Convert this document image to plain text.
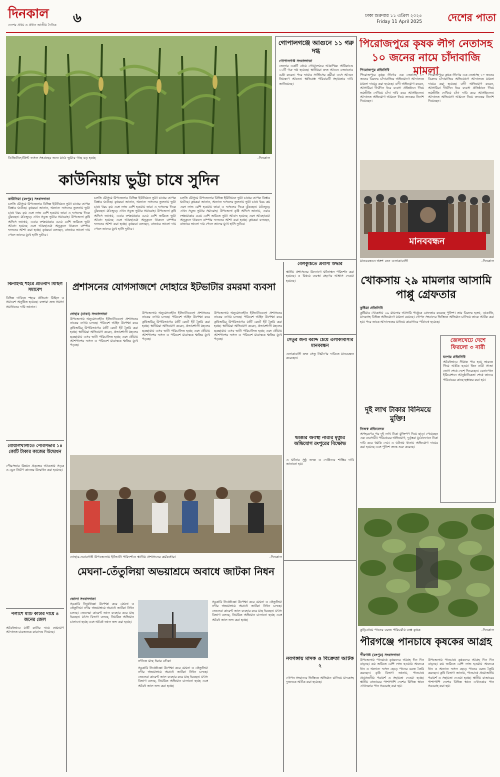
দিনকাল
দেশের প্রথম ও প্রধান জাতীয় দৈনিক	৬	ঢাকা শুক্রবার ১১ এপ্রিল ২০২৫
Friday 11 April 2025	দেশের পাতা
ডিজিটাল/প্রিন্ট ফসল সংগ্রহের জন্য মাঠে ভুট্টার গাছ বড় হচ্ছে	-দিনকাল
কাউনিয়ায় ভুট্টা চাষে সুদিন
কাউনিয়া (রংপুর) সংবাদদাতা
চলতি মৌসুমে উপজেলার বিভিন্ন ইউনিয়নে ভুট্টা চাষের ব্যাপক বিস্তার ঘটেছে। কৃষকরা জানান, অন্যান্য ফসলের তুলনায় ভুট্টা চাষে খরচ কম এবং লাভ বেশি হওয়ায় তারা এ ফসলের দিকে ঝুঁকছেন। মাঠজুড়ে এখন সবুজ ভুট্টার সমারোহ। উপজেলা কৃষি অফিস জানায়, এবার লক্ষ্যমাত্রার চেয়ে বেশি জমিতে ভুট্টা আবাদ হয়েছে এবং আবহাওয়া অনুকূলে থাকলে বাম্পার ফলনের আশা করা হচ্ছে। কৃষকরা বলছেন, বাজারে ভালো দাম পেলে তাদের মুখে হাসি ফুটবে।
চলতি মৌসুমে উপজেলার বিভিন্ন ইউনিয়নে ভুট্টা চাষের ব্যাপক বিস্তার ঘটেছে। কৃষকরা জানান, অন্যান্য ফসলের তুলনায় ভুট্টা চাষে খরচ কম এবং লাভ বেশি হওয়ায় তারা এ ফসলের দিকে ঝুঁকছেন। মাঠজুড়ে এখন সবুজ ভুট্টার সমারোহ। উপজেলা কৃষি অফিস জানায়, এবার লক্ষ্যমাত্রার চেয়ে বেশি জমিতে ভুট্টা আবাদ হয়েছে এবং আবহাওয়া অনুকূলে থাকলে বাম্পার ফলনের আশা করা হচ্ছে। কৃষকরা বলছেন, বাজারে ভালো দাম পেলে তাদের মুখে হাসি ফুটবে।
চলতি মৌসুমে উপজেলার বিভিন্ন ইউনিয়নে ভুট্টা চাষের ব্যাপক বিস্তার ঘটেছে। কৃষকরা জানান, অন্যান্য ফসলের তুলনায় ভুট্টা চাষে খরচ কম এবং লাভ বেশি হওয়ায় তারা এ ফসলের দিকে ঝুঁকছেন। মাঠজুড়ে এখন সবুজ ভুট্টার সমারোহ। উপজেলা কৃষি অফিস জানায়, এবার লক্ষ্যমাত্রার চেয়ে বেশি জমিতে ভুট্টা আবাদ হয়েছে এবং আবহাওয়া অনুকূলে থাকলে বাম্পার ফলনের আশা করা হচ্ছে। কৃষকরা বলছেন, বাজারে ভালো দাম পেলে তাদের মুখে হাসি ফুটবে।
গোপালগঞ্জে আগুনে ১১ গরু দগ্ধ
গোপালগঞ্জ সংবাদদাতা
জেলার একটি গ্রামে গোয়ালঘরে আকস্মিক অগ্নিকাণ্ডে ১১টি গরু দগ্ধ হয়েছে। স্থানীয়রা দ্রুত আগুন নেভানোর চেষ্টা করেন। পরে ফায়ার সার্ভিসের কর্মীরা এসে আগুন নিয়ন্ত্রণে আনেন। ক্ষতিগ্রস্ত পরিবারটি সহায়তার দাবি জানিয়েছে।
পিরোজপুরে কৃষক লীগ নেতাসহ ১০ জনের নামে চাঁদাবাজি মামলা
পিরোজপুর প্রতিনিধি
পিরোজপুরে কৃষক লীগের এক নেতাসহ ১০ জনের বিরুদ্ধে চাঁদাবাজির অভিযোগে আদালতে মামলা দায়ের করা হয়েছে। বাদী অভিযোগ করেন, আসামিরা দীর্ঘদিন ধরে ব্যবসা প্রতিষ্ঠানে গিয়ে ভয়ভীতি দেখিয়ে চাঁদা দাবি করে আসছিলেন। আদালত অভিযোগ আমলে নিয়ে তদন্তের নির্দেশ দিয়েছেন।
পিরোজপুরে কৃষক লীগের এক নেতাসহ ১০ জনের বিরুদ্ধে চাঁদাবাজির অভিযোগে আদালতে মামলা দায়ের করা হয়েছে। বাদী অভিযোগ করেন, আসামিরা দীর্ঘদিন ধরে ব্যবসা প্রতিষ্ঠানে গিয়ে ভয়ভীতি দেখিয়ে চাঁদা দাবি করে আসছিলেন। আদালত অভিযোগ আমলে নিয়ে তদন্তের নির্দেশ দিয়েছেন।
মানববন্ধন
মানববন্ধনে অংশ নেন এলাকাবাসী	-দিনকাল
বেলকুচিতে প্রবাসী উদ্ধার
স্থানীয় প্রশাসনের উদ্যোগে ঘটনাস্থল পরিদর্শন করা হয়েছে। এ বিষয়ে ব্যবস্থা গ্রহণের আশ্বাস দেওয়া হয়েছে।	খোকসায় ২৯ মামলার আসামি পাপ্পু গ্রেফতার
কুষ্টিয়া প্রতিনিধি
কুষ্টিয়ার খোকসায় ২৯ মামলার আসামি পাপ্পুকে গ্রেফতার করেছে পুলিশ। তার বিরুদ্ধে হত্যা, ডাকাতি, মাদকসহ বিভিন্ন অভিযোগে মামলা রয়েছে। গোপন সংবাদের ভিত্তিতে অভিযান চালিয়ে তাকে আটক করা হয়। পরে তাকে আদালতের মাধ্যমে কারাগারে পাঠানো হয়েছে।
জেলখেটে দেশে ফিরলো ৩ নারী
যশোর প্রতিনিধি
অবৈধভাবে সীমান্ত পার হয়ে ভারতে গিয়ে আটক হওয়া তিন নারী সাজা ভোগ শেষে দেশে ফিরেছেন। বেনাপোল ইমিগ্রেশনে আনুষ্ঠানিকতা শেষে তাদের পরিবারের কাছে হস্তান্তর করা হয়।
দুই লাখ টাকার বিনিময়ে মুক্তি!
নিজস্ব প্রতিবেদক
অপহরণের পর দুই লাখ টাকা মুক্তিপণ দিয়ে ছাড়া পেয়েছেন এক ব্যবসায়ী। পরিবারের অভিযোগ, দুর্বৃত্তরা মুঠোফোনে টাকা দাবি করে হুমকি দেয়। এ ঘটনায় থানায় অভিযোগ দায়ের করা হয়েছে এবং পুলিশ তদন্ত শুরু করেছে।
কুড়িগ্রামে পানের বরজ পরিচর্যায় ব্যস্ত কৃষক	-দিনকাল
পীরগঞ্জে পানচাষে কৃষকের আগ্রহ
পীরগঞ্জ (রংপুর) সংবাদদাতা
উপজেলায় পানচাষে কৃষকদের আগ্রহ দিন দিন বাড়ছে। কম জমিতে বেশি লাভ হওয়ায় অনেকে ধান ও অন্যান্য ফসল ছেড়ে পানের বরজ তৈরি করছেন। কৃষি বিভাগ জানায়, পানচাষে প্রয়োজনীয় পরামর্শ ও সহায়তা দেওয়া হচ্ছে। স্থানীয় বাজারের পাশাপাশি দেশের বিভিন্ন স্থানে এখানকার পান সরবরাহ করা হয়।
উপজেলায় পানচাষে কৃষকদের আগ্রহ দিন দিন বাড়ছে। কম জমিতে বেশি লাভ হওয়ায় অনেকে ধান ও অন্যান্য ফসল ছেড়ে পানের বরজ তৈরি করছেন। কৃষি বিভাগ জানায়, পানচাষে প্রয়োজনীয় পরামর্শ ও সহায়তা দেওয়া হচ্ছে। স্থানীয় বাজারের পাশাপাশি দেশের বিভিন্ন স্থানে এখানকার পান সরবরাহ করা হয়।
ঝিনাইদহ শহরে প্রতিবাদ মিছিল সমাবেশ
বিভিন্ন দাবিতে শহরে প্রতিবাদ মিছিল ও সমাবেশ অনুষ্ঠিত হয়েছে। বক্তারা দ্রুত সমস্যা সমাধানের দাবি জানান।
বোয়ালখালীতে পৌরসভার ১৪ কোটি টাকার কাজের উদ্বোধন
পৌরসভার উন্নয়ন প্রকল্পের আওতায় সড়ক ও ড্রেন নির্মাণ কাজের উদ্বোধন করা হয়েছে।
পলাশে মাটি কাটার দায়ে ৪ জনের জেল
অবৈধভাবে মাটি কাটার দায়ে ভ্রাম্যমাণ আদালত চারজনকে কারাদণ্ড দিয়েছে।
প্রশাসনের যোগসাজশে দোহারে ইটভাটার রমরমা ব্যবসা
দোহার (ঢাকা) সংবাদদাতা
উপজেলায় অনুমোদনহীন ইটভাটাগুলো প্রশাসনের নাকের ডগায় চলছে। পরিবেশ আইন উপেক্ষা করে কৃষিজমির উপরিভাগের মাটি কেটে ইট তৈরি করা হচ্ছে। স্থানীয়রা অভিযোগ করেন, প্রভাবশালী মহলের ছত্রছায়ায় এসব ভাটা পরিচালিত হচ্ছে এবং ধোঁয়ায় আশপাশের ফসল ও পরিবেশ মারাত্মক ক্ষতির মুখে পড়ছে।
উপজেলায় অনুমোদনহীন ইটভাটাগুলো প্রশাসনের নাকের ডগায় চলছে। পরিবেশ আইন উপেক্ষা করে কৃষিজমির উপরিভাগের মাটি কেটে ইট তৈরি করা হচ্ছে। স্থানীয়রা অভিযোগ করেন, প্রভাবশালী মহলের ছত্রছায়ায় এসব ভাটা পরিচালিত হচ্ছে এবং ধোঁয়ায় আশপাশের ফসল ও পরিবেশ মারাত্মক ক্ষতির মুখে পড়ছে।
উপজেলায় অনুমোদনহীন ইটভাটাগুলো প্রশাসনের নাকের ডগায় চলছে। পরিবেশ আইন উপেক্ষা করে কৃষিজমির উপরিভাগের মাটি কেটে ইট তৈরি করা হচ্ছে। স্থানীয়রা অভিযোগ করেন, প্রভাবশালী মহলের ছত্রছায়ায় এসব ভাটা পরিচালিত হচ্ছে এবং ধোঁয়ায় আশপাশের ফসল ও পরিবেশ মারাত্মক ক্ষতির মুখে পড়ছে।
দোহার-নবাবগঞ্জ উপজেলায় ইটভাটা পরিদর্শনে স্থানীয় প্রশাসনের কর্মকর্তারা	-দিনকাল
সেতুর জন্য বরাদ্দ চেয়ে এলাকাবাসীর মানববন্ধন
এলাকাবাসী দ্রুত সেতু নির্মাণের দাবিতে মানববন্ধন করেছেন।
ভাঙার অবস্থা নারীর মৃত্যুর অভিযোগ রংপুরের বিক্ষোভ
এ ঘটনার সুষ্ঠু তদন্ত ও দোষীদের শাস্তির দাবি জানানো হয়।
মেঘনা-তেঁতুলিয়া অভয়াশ্রমে অবাধে জাটকা নিধন
ভোলা সংবাদদাতা
সরকারি নিষেধাজ্ঞা উপেক্ষা করে মেঘনা ও তেঁতুলিয়া নদীর অভয়াশ্রমে অবাধে জাটকা নিধন চলছে। জেলেরা কারেন্ট জাল ব্যবহার করে মাছ ধরছেন। মৎস্য বিভাগ বলছে, নিয়মিত অভিযান চালানো হচ্ছে এবং অবৈধ জাল জব্দ করা হচ্ছে।
নদীতে মাছ ধরার নৌকা
সরকারি নিষেধাজ্ঞা উপেক্ষা করে মেঘনা ও তেঁতুলিয়া নদীর অভয়াশ্রমে অবাধে জাটকা নিধন চলছে। জেলেরা কারেন্ট জাল ব্যবহার করে মাছ ধরছেন। মৎস্য বিভাগ বলছে, নিয়মিত অভিযান চালানো হচ্ছে এবং অবৈধ জাল জব্দ করা হচ্ছে।
সরকারি নিষেধাজ্ঞা উপেক্ষা করে মেঘনা ও তেঁতুলিয়া নদীর অভয়াশ্রমে অবাধে জাটকা নিধন চলছে। জেলেরা কারেন্ট জাল ব্যবহার করে মাছ ধরছেন। মৎস্য বিভাগ বলছে, নিয়মিত অভিযান চালানো হচ্ছে এবং অবৈধ জাল জব্দ করা হচ্ছে।
নবগঙ্গায় মাদক ও বিক্রেতা আটক ২
গোপন সংবাদের ভিত্তিতে অভিযান চালিয়ে মাদকসহ দুজনকে আটক করা হয়েছে।
